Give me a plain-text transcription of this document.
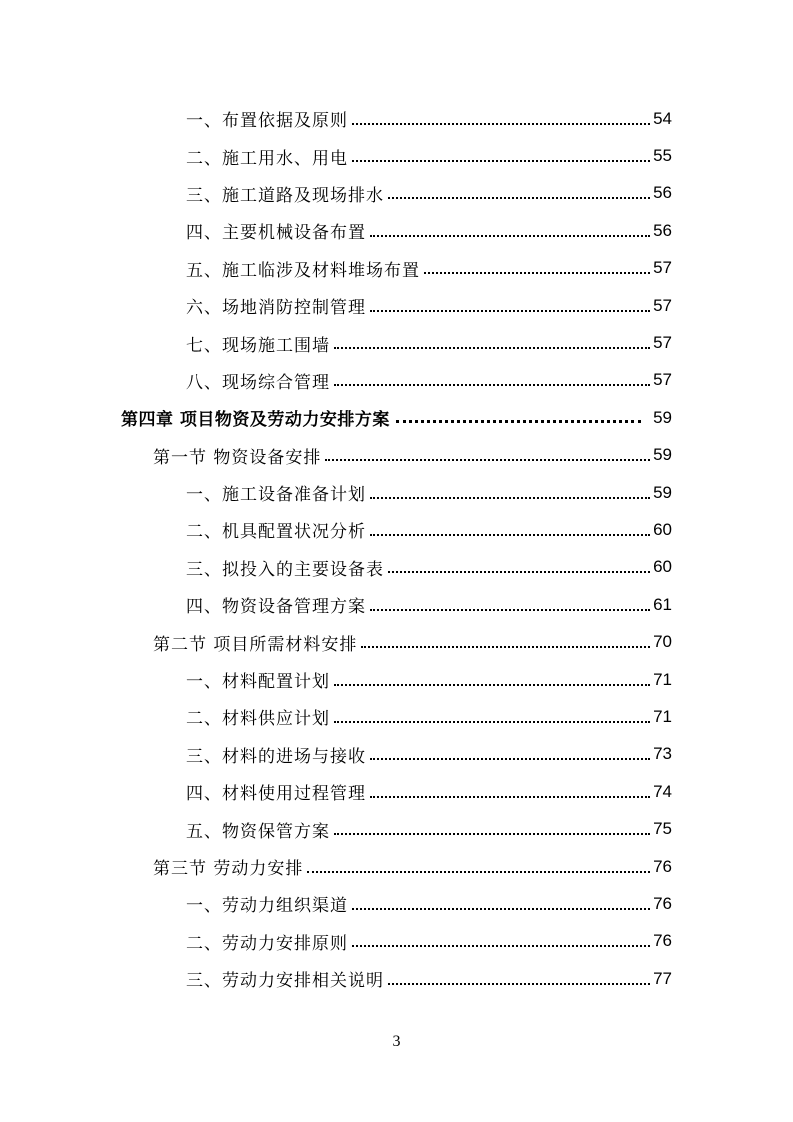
一、布置依据及原则	54
二、施工用水、用电	55
三、施工道路及现场排水	56
四、主要机械设备布置	56
五、施工临涉及材料堆场布置	57
六、场地消防控制管理	57
七、现场施工围墙	57
八、现场综合管理	57
第四章 项目物资及劳动力安排方案	59
第一节 物资设备安排	59
一、施工设备准备计划	59
二、机具配置状况分析	60
三、拟投入的主要设备表	60
四、物资设备管理方案	61
第二节 项目所需材料安排	70
一、材料配置计划	71
二、材料供应计划	71
三、材料的进场与接收	73
四、材料使用过程管理	74
五、物资保管方案	75
第三节 劳动力安排	76
一、劳动力组织渠道	76
二、劳动力安排原则	76
三、劳动力安排相关说明	77
3
